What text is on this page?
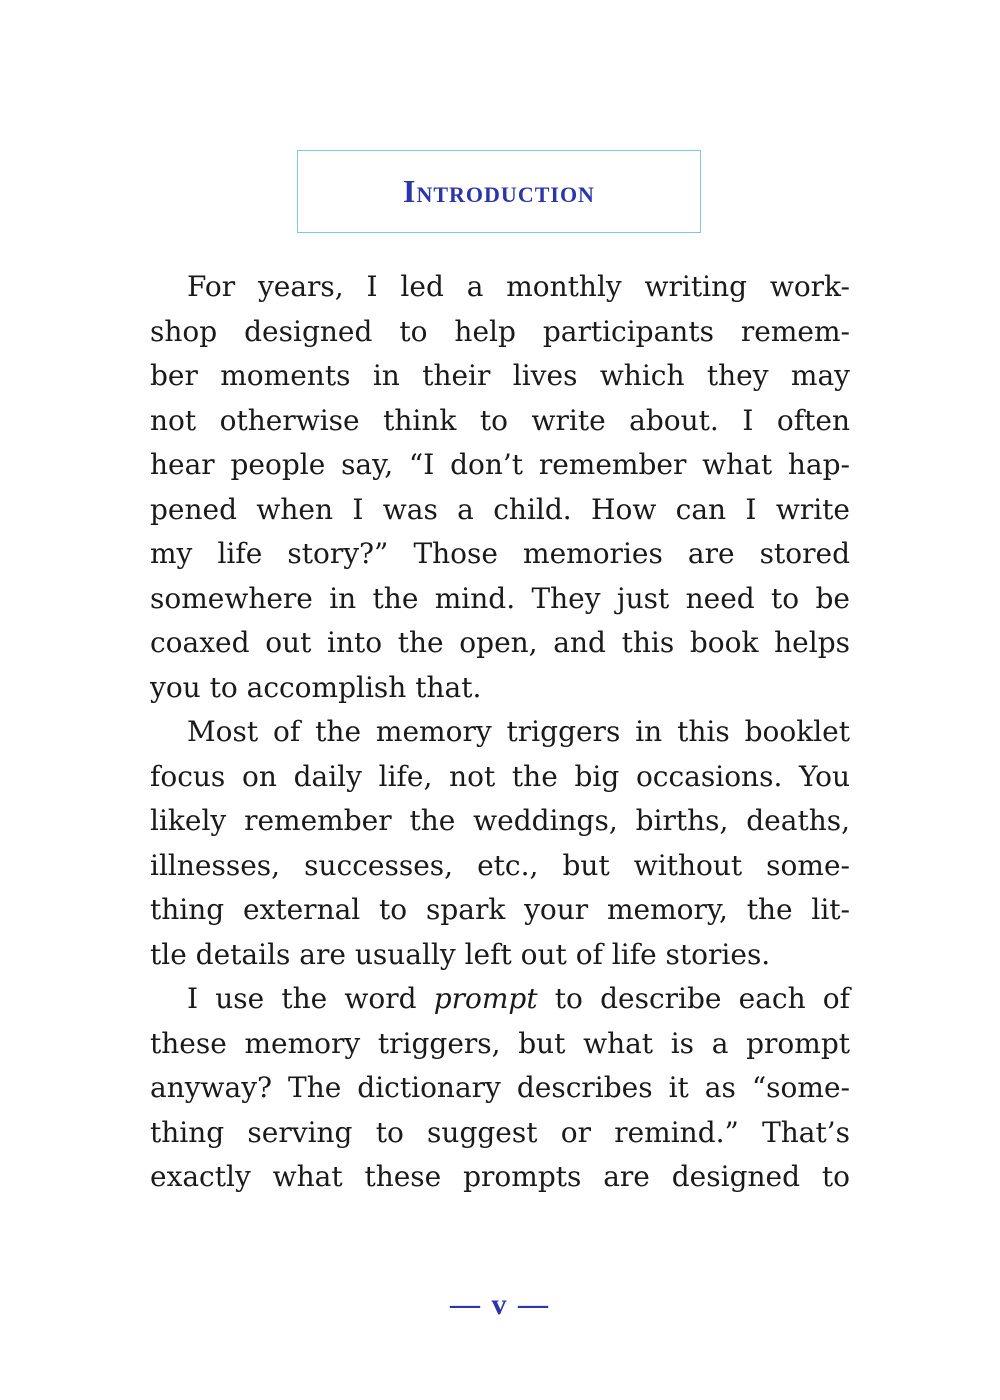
Introduction
For years, I led a monthly writing work-
shop designed to help participants remem-
ber moments in their lives which they may
not otherwise think to write about. I often
hear people say, “I don’t remember what hap-
pened when I was a child. How can I write
my life story?” Those memories are stored
somewhere in the mind. They just need to be
coaxed out into the open, and this book helps
you to accomplish that.
Most of the memory triggers in this booklet
focus on daily life, not the big occasions. You
likely remember the weddings, births, deaths,
illnesses, successes, etc., but without some-
thing external to spark your memory, the lit-
tle details are usually left out of life stories.
I use the word prompt to describe each of
these memory triggers, but what is a prompt
anyway? The dictionary describes it as “some-
thing serving to suggest or remind.” That’s
exactly what these prompts are designed to
— v —
